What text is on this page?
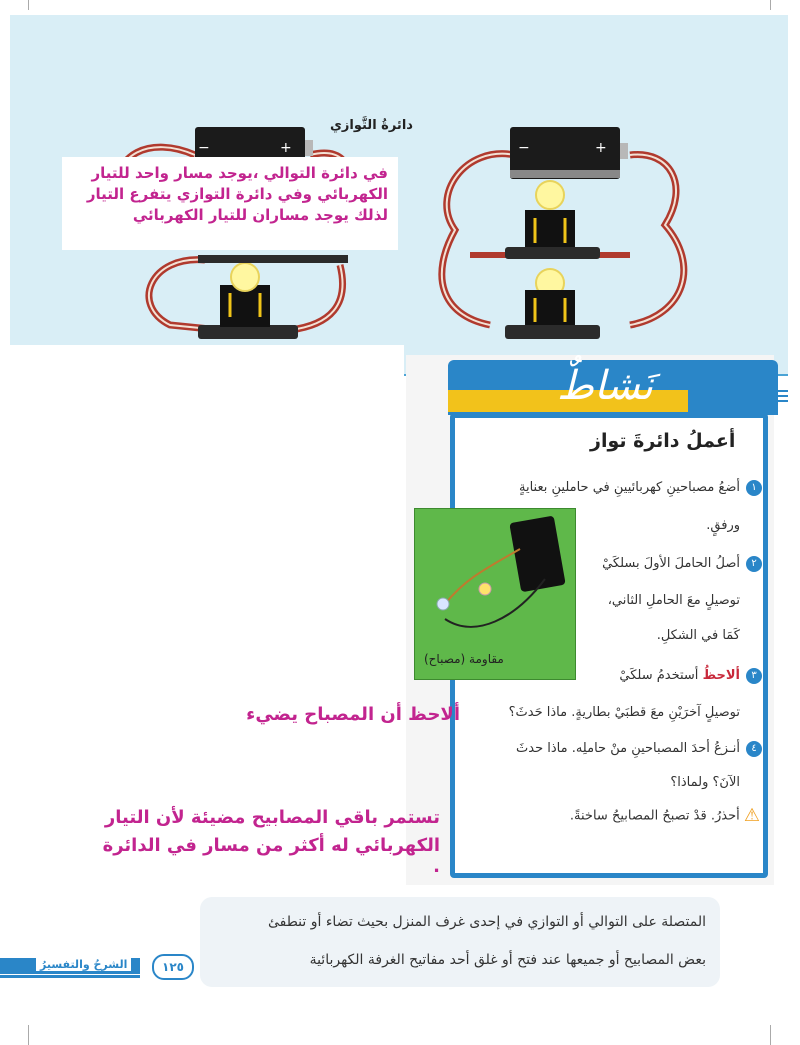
−	+	−	+
دائرةُ التَّوازي
في دائرة التوالي ،يوجد مسار واحد للتيار الكهربائي وفي دائرة التوازي يتفرع التيار لذلك يوجد مساران للتيار الكهربائي
نَشاطٌ
أعملُ دائرةَ تواز
١أضعُ مصباحينِ كهربائيينِ في حاملينِ بعنايةٍ
ورفقٍ.
٢أصلُ الحاملَ الأولَ بسلكَيْ
توصيلٍ معَ الحاملِ الثاني،
كَمَا في الشكلِ.
مقاومة (مصباح)
٣ألاحظُ أستخدمُ سلكَيْ
توصيلٍ آخرَيْنِ معَ قطبَيْ بطاريةٍ. ماذا حَدثَ؟
٤أنـزعُ أحدَ المصباحينِ منْ حاملِه. ماذا حدثَ
الآنَ؟ ولماذا؟
⚠ أحذرُ. قدْ تصبحُ المصابيحُ ساخنةً.
ألاحظ أن المصباح يضيء
تستمر باقي المصابيح مضيئة لأن التيار
الكهربائي له أكثر من مسار في الدائرة .
المتصلة على التوالي أو التوازي في إحدى غرف المنزل بحيث تضاء أو تنطفئ
بعض المصابيح أو جميعها عند فتح أو غلق أحد مفاتيح الغرفة الكهربائية
الشرحُ والتفسيرُ	١٢٥
